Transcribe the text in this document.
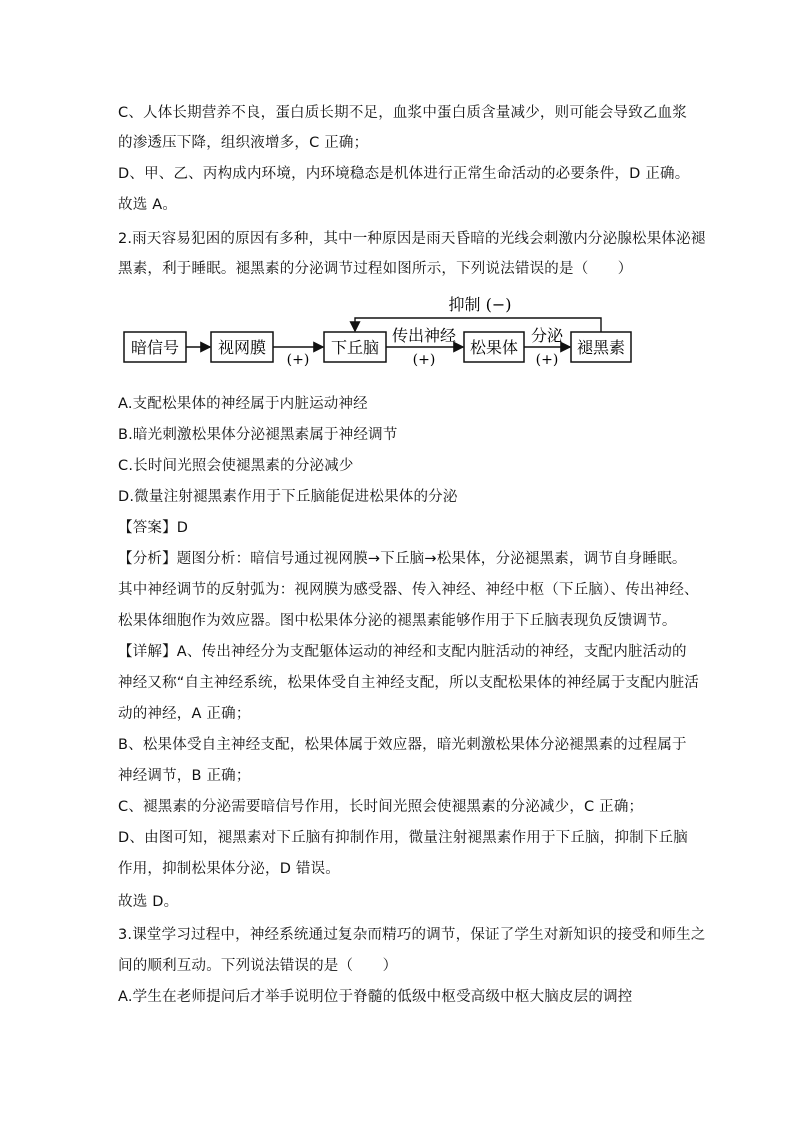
C、人体长期营养不良，蛋白质长期不足，血浆中蛋白质含量减少，则可能会导致乙血浆
的渗透压下降，组织液增多，C 正确；
D、甲、乙、丙构成内环境，内环境稳态是机体进行正常生命活动的必要条件，D 正确。
故选 A。
2.雨天容易犯困的原因有多种，其中一种原因是雨天昏暗的光线会刺激内分泌腺松果体泌褪
黑素，利于睡眠。褪黑素的分泌调节过程如图所示，下列说法错误的是（　　）
暗信号 视网膜	下丘脑	松果体	褪黑素
传出神经	分泌
(+)	(+)	(+)
抑制 (−)
A.支配松果体的神经属于内脏运动神经
B.暗光刺激松果体分泌褪黑素属于神经调节
C.长时间光照会使褪黑素的分泌减少
D.微量注射褪黑素作用于下丘脑能促进松果体的分泌
【答案】D
【分析】题图分析：暗信号通过视网膜→下丘脑→松果体，分泌褪黑素，调节自身睡眠。
其中神经调节的反射弧为：视网膜为感受器、传入神经、神经中枢（下丘脑）、传出神经、
松果体细胞作为效应器。图中松果体分泌的褪黑素能够作用于下丘脑表现负反馈调节。
【详解】A、传出神经分为支配躯体运动的神经和支配内脏活动的神经，支配内脏活动的
神经又称“自主神经系统，松果体受自主神经支配，所以支配松果体的神经属于支配内脏活
动的神经，A 正确；
B、松果体受自主神经支配，松果体属于效应器，暗光刺激松果体分泌褪黑素的过程属于
神经调节，B 正确；
C、褪黑素的分泌需要暗信号作用，长时间光照会使褪黑素的分泌减少，C 正确；
D、由图可知，褪黑素对下丘脑有抑制作用，微量注射褪黑素作用于下丘脑，抑制下丘脑
作用，抑制松果体分泌，D 错误。
故选 D。
3.课堂学习过程中，神经系统通过复杂而精巧的调节，保证了学生对新知识的接受和师生之
间的顺利互动。下列说法错误的是（　　）
A.学生在老师提问后才举手说明位于脊髓的低级中枢受高级中枢大脑皮层的调控
